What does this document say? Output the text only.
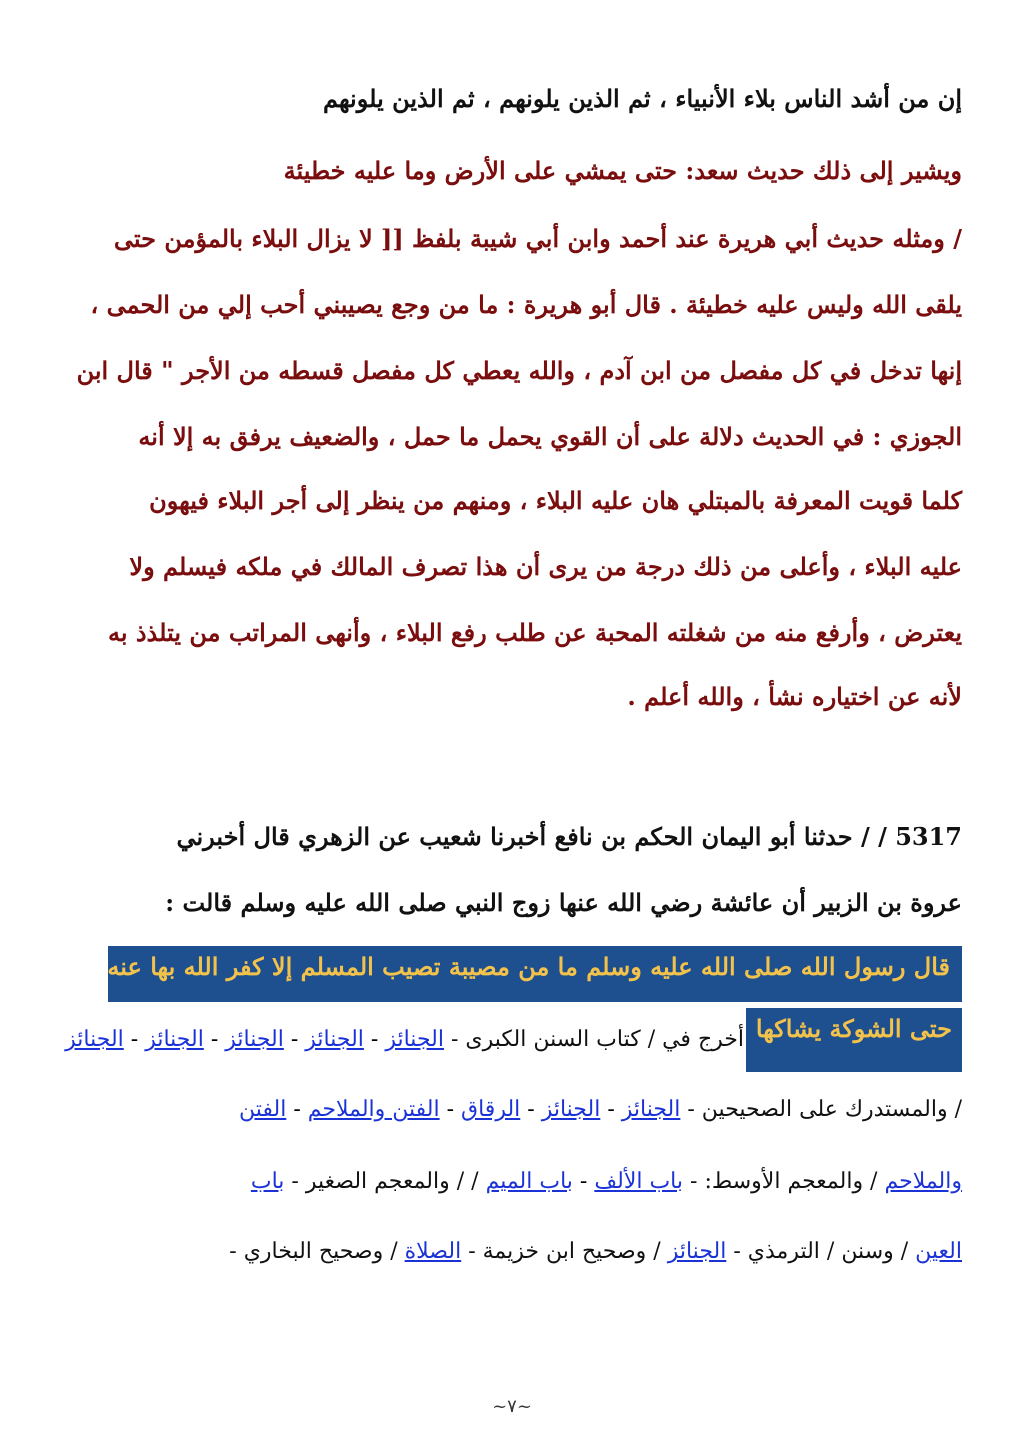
إن من أشد الناس بلاء الأنبياء ، ثم الذين يلونهم ، ثم الذين يلونهم
ويشير إلى ذلك حديث سعد: حتى يمشي على الأرض وما عليه خطيئة
/ ومثله حديث أبي هريرة عند أحمد وابن أبي شيبة بلفظ [[ لا يزال البلاء بالمؤمن حتى
يلقى الله وليس عليه خطيئة . قال أبو هريرة : ما من وجع يصيبني أحب إلي من الحمى ،
إنها تدخل في كل مفصل من ابن آدم ، والله يعطي كل مفصل قسطه من الأجر " قال ابن
الجوزي : في الحديث دلالة على أن القوي يحمل ما حمل ، والضعيف يرفق به إلا أنه
كلما قويت المعرفة بالمبتلي هان عليه البلاء ، ومنهم من ينظر إلى أجر البلاء فيهون
عليه البلاء ، وأعلى من ذلك درجة من يرى أن هذا تصرف المالك في ملكه فيسلم ولا
يعترض ، وأرفع منه من شغلته المحبة عن طلب رفع البلاء ، وأنهى المراتب من يتلذذ به
لأنه عن اختياره نشأ ، والله أعلم .
5317 / / حدثنا أبو اليمان الحكم بن نافع أخبرنا شعيب عن الزهري قال أخبرني
عروة بن الزبير أن عائشة رضي الله عنها زوج النبي صلى الله عليه وسلم قالت :
قال رسول الله صلى الله عليه وسلم ما من مصيبة تصيب المسلم إلا كفر الله بها عنه
حتى الشوكة يشاكها
أخرج في / كتاب السنن الكبرى - الجنائز - الجنائز - الجنائز - الجنائز - الجنائز
/ والمستدرك على الصحيحين - الجنائز - الجنائز - الرقاق - الفتن والملاحم - الفتن
والملاحم / والمعجم الأوسط: - باب الألف - باب الميم / / والمعجم الصغير - باب
العين / وسنن / الترمذي - الجنائز / وصحيح ابن خزيمة - الصلاة / وصحيح البخاري -
~٧~
